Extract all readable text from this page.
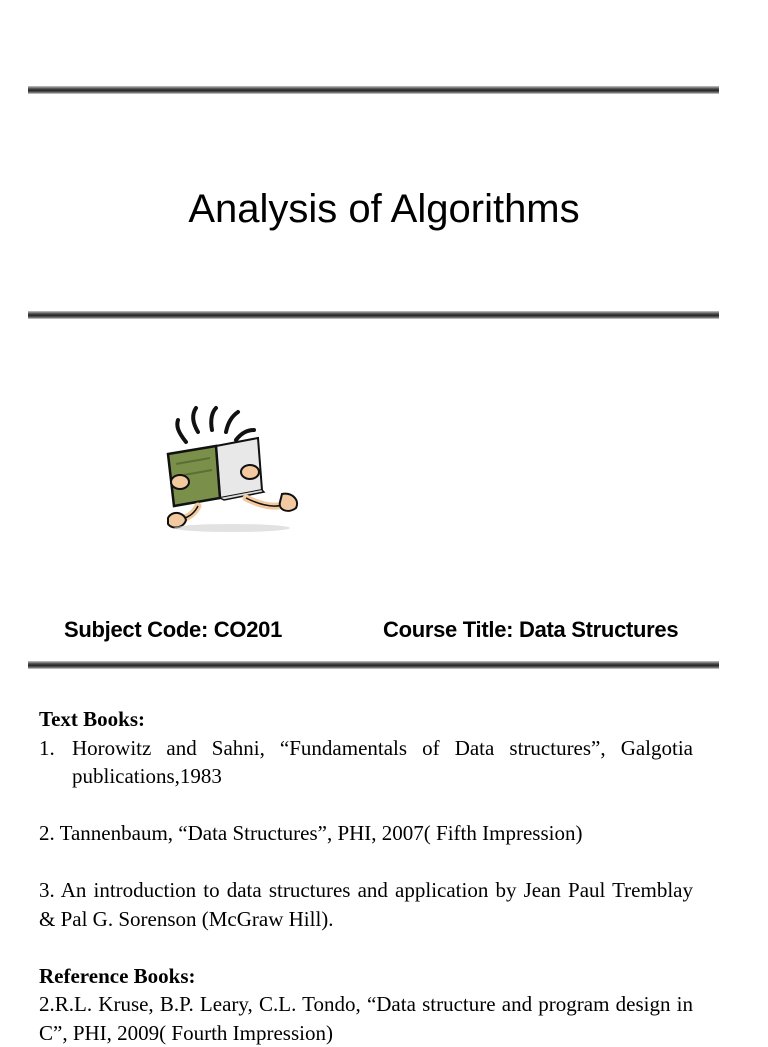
Analysis of Algorithms
Subject Code: CO201	Course Title: Data Structures
Text Books:
1. Horowitz and Sahni, “Fundamentals of Data structures”, Galgotia publications,1983
2. Tannenbaum, “Data Structures”, PHI, 2007( Fifth Impression)
3. An introduction to data structures and application by Jean Paul Tremblay & Pal G. Sorenson (McGraw Hill).
Reference Books:
2.R.L. Kruse, B.P. Leary, C.L. Tondo, “Data structure and program design in C”, PHI, 2009( Fourth Impression)
